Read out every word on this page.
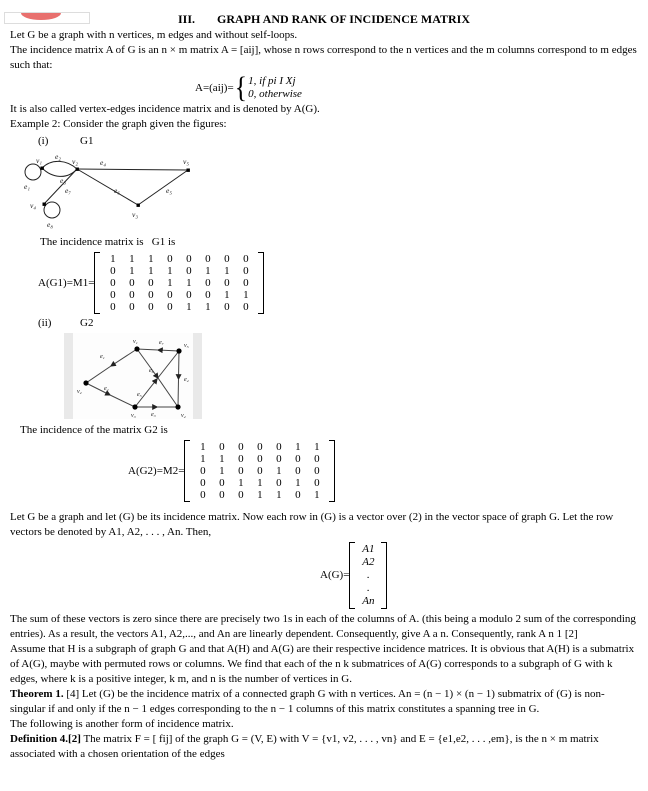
III. GRAPH AND RANK OF INCIDENCE MATRIX

Let G be a graph with n vertices, m edges and without self-loops.

The incidence matrix A of G is an n × m matrix A = [aij], whose n rows correspond to the n vertices and the m columns correspond to m edges such that:

A=(aij)= { 1, if pi I Xj
0, otherwise

It is also called vertex-edges incidence matrix and is denoted by A(G).

Example 2: Consider the graph given the figures:

(i)	G1

v₁	v₂	v₅
v₃
v₄
e₁
e₂
e₃
e₄
e₅
e₆
e₇
e₈

The incidence matrix is   G1 is

A(G1)=M1=
1	1	1	0	0	0	0	0
0	1	1	1	0	1	1	0
0	0	0	1	1	0	0	0
0	0	0	0	0	0	1	1
0	0	0	0	1	1	0	0

(ii)	G2

v₁
v₅
v₂
v₃	v₄
e₁
e₂
e₃
e₄
e₅
e₆
e₇

The incidence of the matrix G2 is

A(G2)=M2=
1	0	0	0	0	1	1
1	1	0	0	0	0	0
0	1	0	0	1	0	0
0	0	1	1	0	1	0
0	0	0	1	1	0	1

Let G be a graph and let (G) be its incidence matrix. Now each row in (G) is a vector over (2) in the vector space of graph G. Let the row vectors be denoted by A1, A2, . . . , An. Then,

A(G)=
A1
A2
.
.
An

The sum of these vectors is zero since there are precisely two 1s in each of the columns of A. (this being a modulo 2 sum of the corresponding entries). As a result, the vectors A1, A2,..., and An are linearly dependent. Consequently, give A a n. Consequently, rank A n 1 [2]

Assume that H is a subgraph of graph G and that A(H) and A(G) are their respective incidence matrices. It is obvious that A(H) is a submatrix of A(G), maybe with permuted rows or columns. We find that each of the n k submatrices of A(G) corresponds to a subgraph of G with k edges, where k is a positive integer, k m, and n is the number of vertices in G.

Theorem 1. [4] Let (G) be the incidence matrix of a connected graph G with n vertices. An = (n − 1) × (n − 1) submatrix of (G) is non-singular if and only if the n − 1 edges corresponding to the n − 1 columns of this matrix constitutes a spanning tree in G.

The following is another form of incidence matrix.

Definition 4.[2] The matrix F = [ fij] of the graph G = (V, E) with V = {v1, v2, . . . , vn} and E = {e1,e2, . . . ,em}, is the n × m matrix associated with a chosen orientation of the edges
